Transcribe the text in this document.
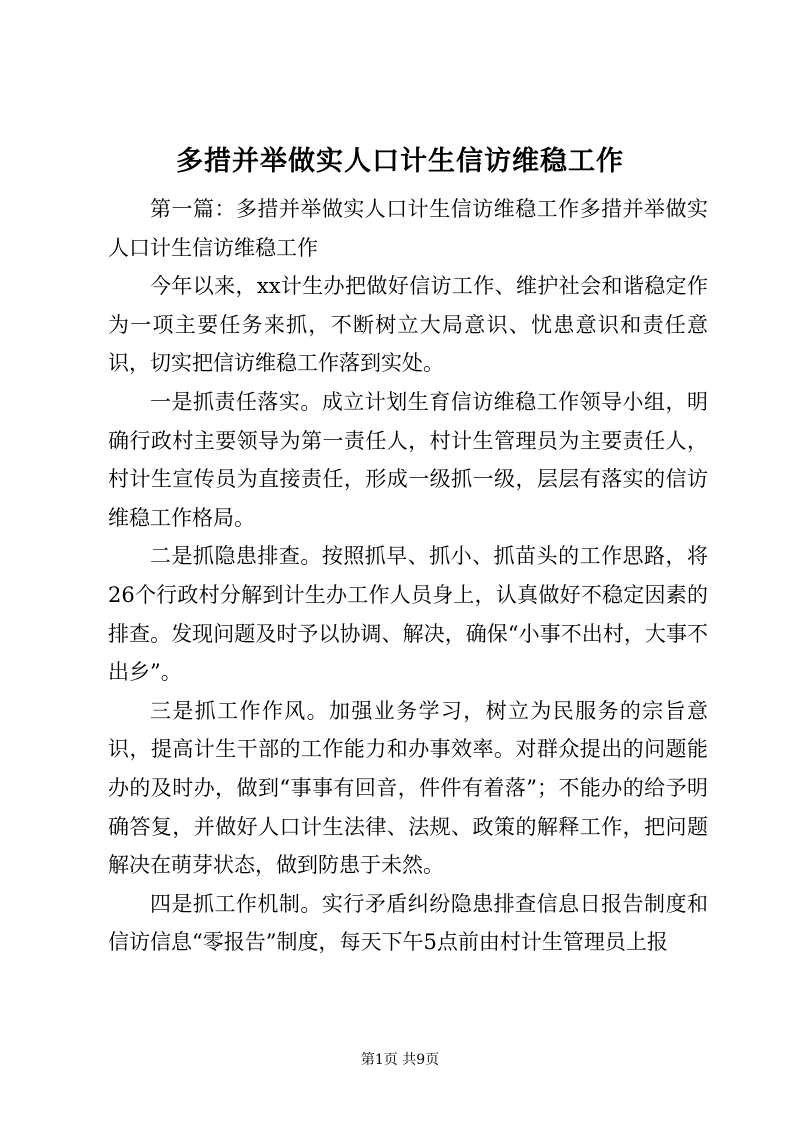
多措并举做实人口计生信访维稳工作

第一篇：多措并举做实人口计生信访维稳工作多措并举做实人口计生信访维稳工作

今年以来，xx计生办把做好信访工作、维护社会和谐稳定作为一项主要任务来抓，不断树立大局意识、忧患意识和责任意识，切实把信访维稳工作落到实处。

一是抓责任落实。成立计划生育信访维稳工作领导小组，明确行政村主要领导为第一责任人，村计生管理员为主要责任人，村计生宣传员为直接责任，形成一级抓一级，层层有落实的信访维稳工作格局。

二是抓隐患排查。按照抓早、抓小、抓苗头的工作思路，将26个行政村分解到计生办工作人员身上，认真做好不稳定因素的排查。发现问题及时予以协调、解决，确保“小事不出村，大事不出乡”。

三是抓工作作风。加强业务学习，树立为民服务的宗旨意识，提高计生干部的工作能力和办事效率。对群众提出的问题能办的及时办，做到“事事有回音，件件有着落”；不能办的给予明确答复，并做好人口计生法律、法规、政策的解释工作，把问题解决在萌芽状态，做到防患于未然。

四是抓工作机制。实行矛盾纠纷隐患排查信息日报告制度和信访信息“零报告”制度，每天下午5点前由村计生管理员上报

第1页 共9页
